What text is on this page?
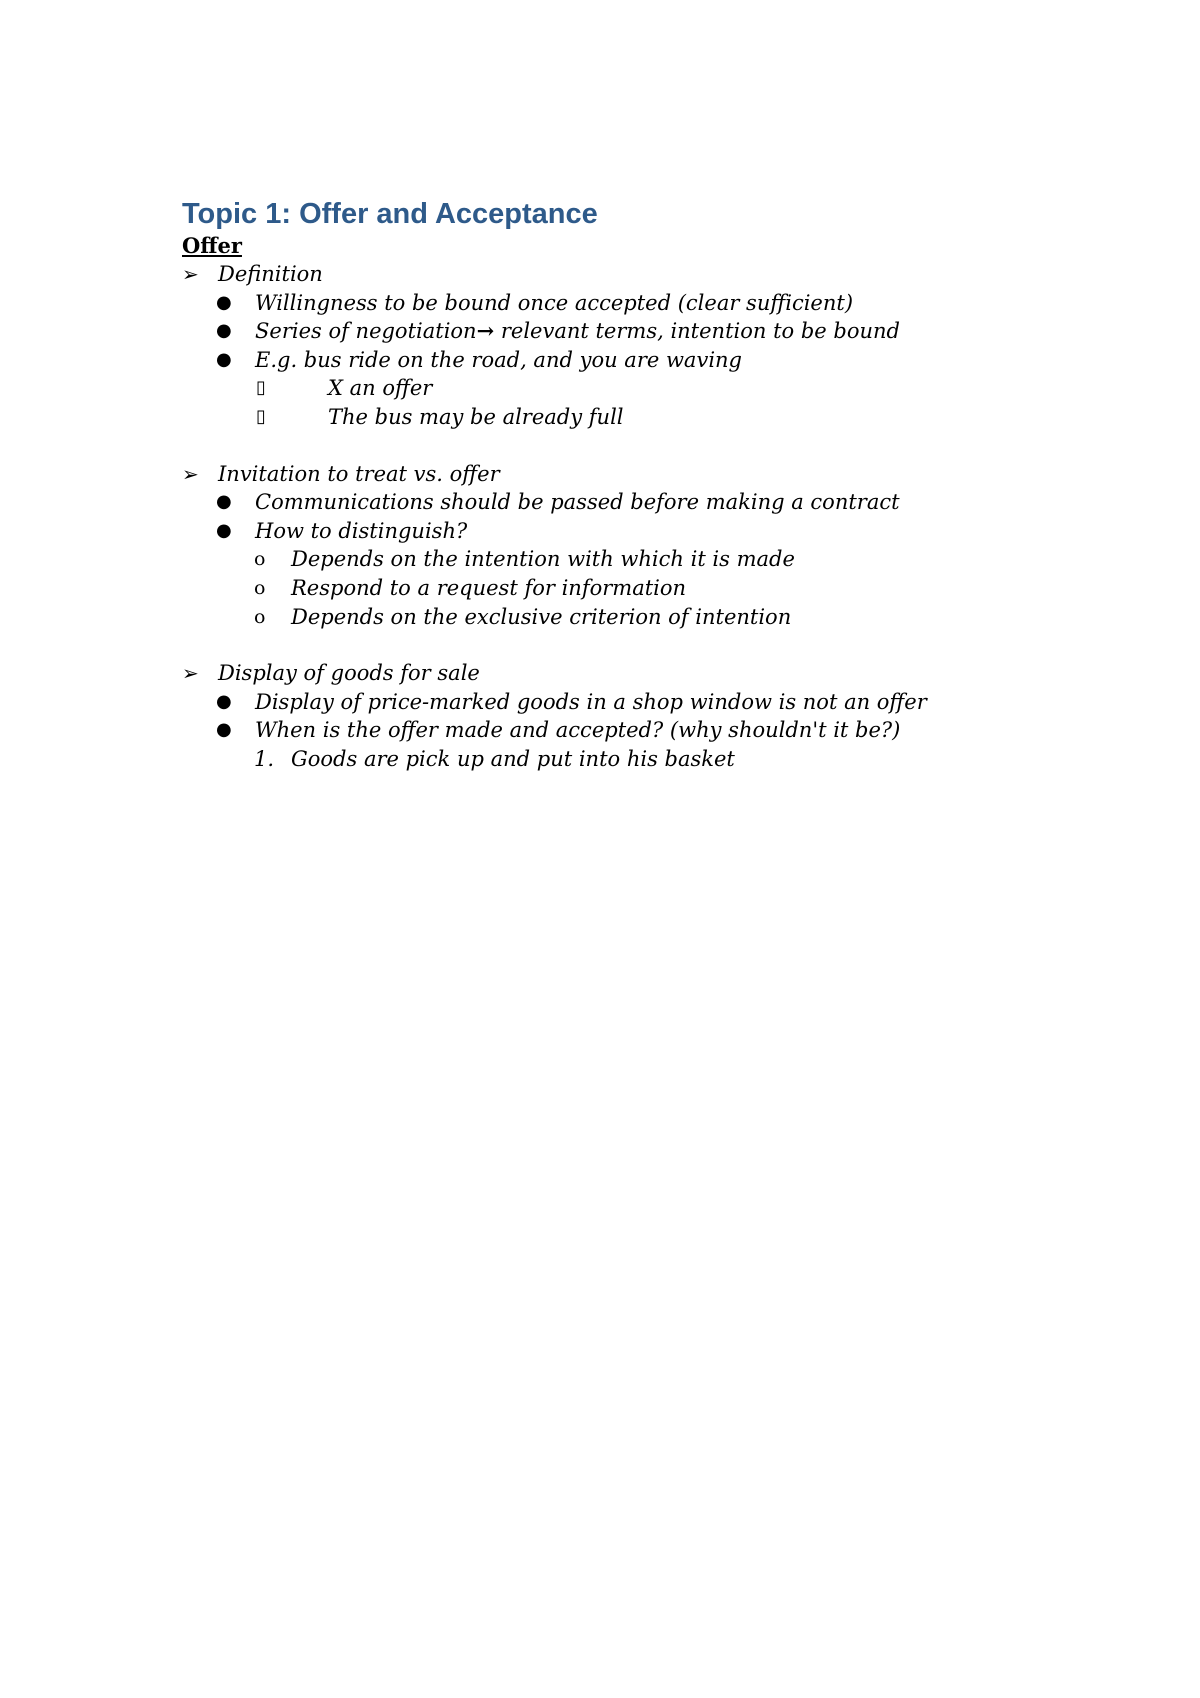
Topic 1: Offer and Acceptance
Offer
➢ Definition
● Willingness to be bound once accepted (clear sufficient)
● Series of negotiation→ relevant terms, intention to be bound
● E.g. bus ride on the road, and you are waving
▯	X an offer
▯	The bus may be already full
➢ Invitation to treat vs. offer
● Communications should be passed before making a contract
● How to distinguish?
o Depends on the intention with which it is made
o Respond to a request for information
o Depends on the exclusive criterion of intention
➢ Display of goods for sale
● Display of price-marked goods in a shop window is not an offer
● When is the offer made and accepted? (why shouldn't it be?)
1. Goods are pick up and put into his basket
